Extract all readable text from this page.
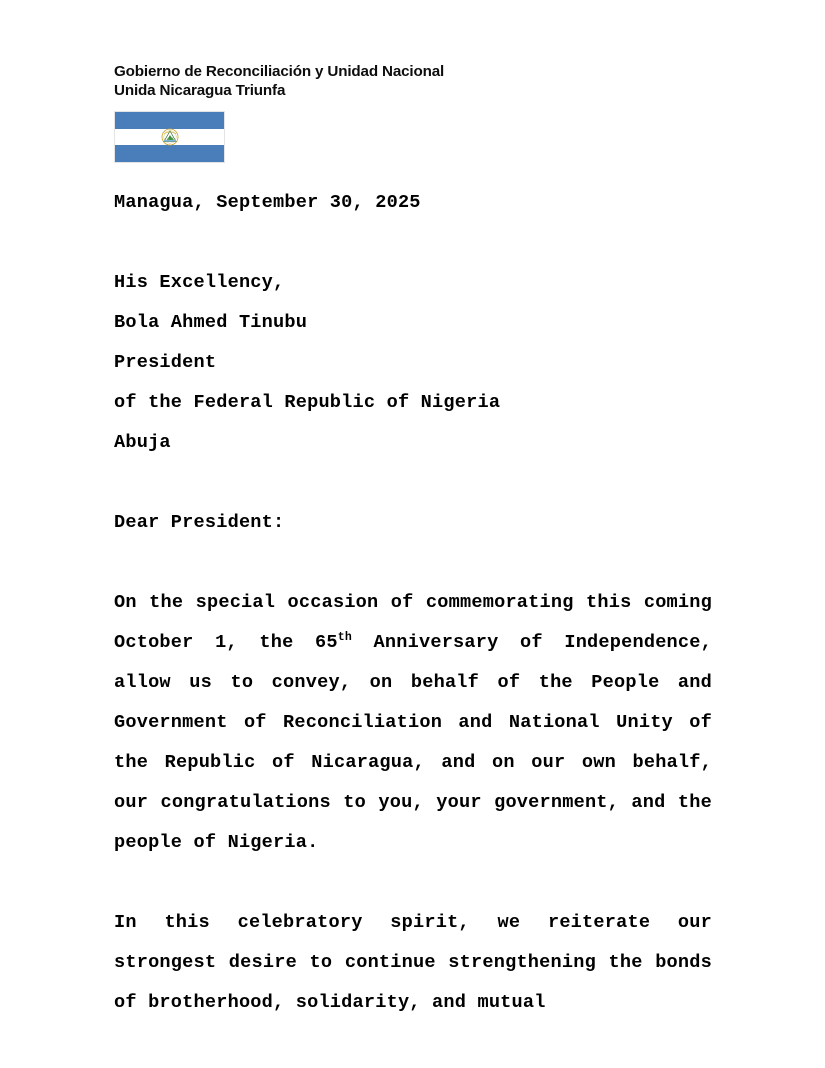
Gobierno de Reconciliación y Unidad Nacional
Unida Nicaragua Triunfa
Managua, September 30, 2025
His Excellency,
Bola Ahmed Tinubu
President
of the Federal Republic of Nigeria
Abuja
Dear President:

On the special occasion of commemorating this coming October 1, the 65th Anniversary of Independence, allow us to convey, on behalf of the People and Government of Reconciliation and National Unity of the Republic of Nicaragua, and on our own behalf, our congratulations to you, your government, and the people of Nigeria.

In this celebratory spirit, we reiterate our strongest desire to continue strengthening the bonds of brotherhood, solidarity, and mutual
